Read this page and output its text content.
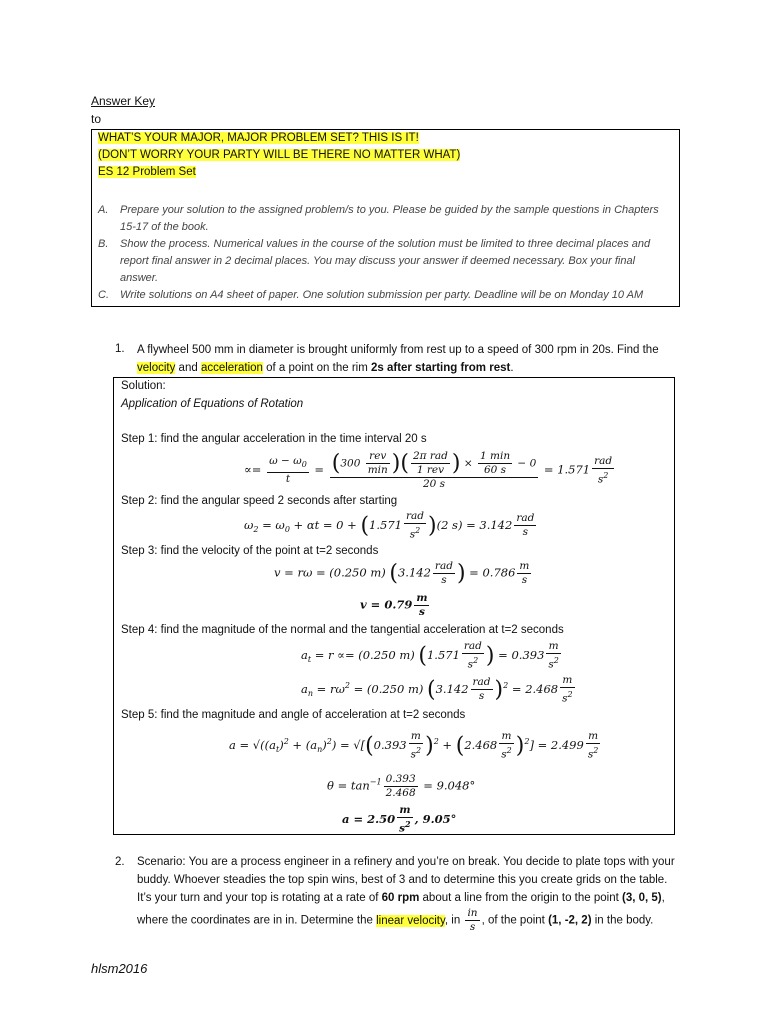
Answer Key
to
WHAT’S YOUR MAJOR, MAJOR PROBLEM SET? THIS IS IT!
(DON’T WORRY YOUR PARTY WILL BE THERE NO MATTER WHAT)
ES 12 Problem Set
A. Prepare your solution to the assigned problem/s to you. Please be guided by the sample questions in Chapters 15-17 of the book.
B. Show the process. Numerical values in the course of the solution must be limited to three decimal places and report final answer in 2 decimal places. You may discuss your answer if deemed necessary. Box your final answer.
C. Write solutions on A4 sheet of paper. One solution submission per party. Deadline will be on Monday 10 AM
1. A flywheel 500 mm in diameter is brought uniformly from rest up to a speed of 300 rpm in 20s. Find the
velocity and acceleration of a point on the rim 2s after starting from rest.
Solution:
Application of Equations of Rotation
Step 1: find the angular acceleration in the time interval 20 s
∝= $\frac{\omega - \omega_0}{t} = \frac{(300 \frac{\text{rev}}{\min} )( \frac{\text{2π rad}}{\text{1 rev}} ) \times \frac{1 \min}{60 s} - 0}{20 s} = 1.571 \frac{\text{rad}}{s^2}$
Step 2: find the angular speed 2 seconds after starting
$\omega_2 = \omega_0 + \alpha t = 0 + (1.571 \frac{\text{rad}}{s^2} )(2$ $s) = 3.142 \frac{\text{rad}}{s}$
Step 3: find the velocity of the point at t=2 seconds
v = rω = (0.250 m) ($3.142 \frac{\text{rad}}{s}$ ) = $0.786 \frac{m}{s}$
$v = 0.79 \frac{m}{s}$
Step 4: find the magnitude of the normal and the tangential acceleration at t=2 seconds
$a_t = r \propto= (0.250$ m) ($1.571 \frac{\text{rad}}{s^2}$ ) = $0.393 \frac{m}{s^2}$
$a_n = r\omega^2 = (0.250$ m) $(3.142 \frac{\text{rad}}{s} )^2 = 2.468 \frac{m}{s^2}$
Step 5: find the magnitude and angle of acceleration at t=2 seconds
$a = √((a_t)^2 + (a_n)^2) = √[(0.393 \frac{m}{s^2} )^2 + (2.468 \frac{m}{s^2} )^2] = 2.499 \frac{m}{s^2}$
$\theta = \tan^{-1} \frac{0.393}{2.468} = 9.048^\circ$
$a = 2.50 \frac{m}{s^2}$ , 9.05°
2. Scenario: You are a process engineer in a refinery and you’re on break. You decide to plate tops with your
buddy. Whoever steadies the top spin wins, best of 3 and to determine this you create grids on the table.
It’s your turn and your top is rotating at a rate of 60 rpm about a line from the origin to the point (3, 0, 5),
where the coordinates are in in. Determine the linear velocity, in $\frac{in}{s}$ , of the point (1, -2, 2) in the body.
hlsm2016
